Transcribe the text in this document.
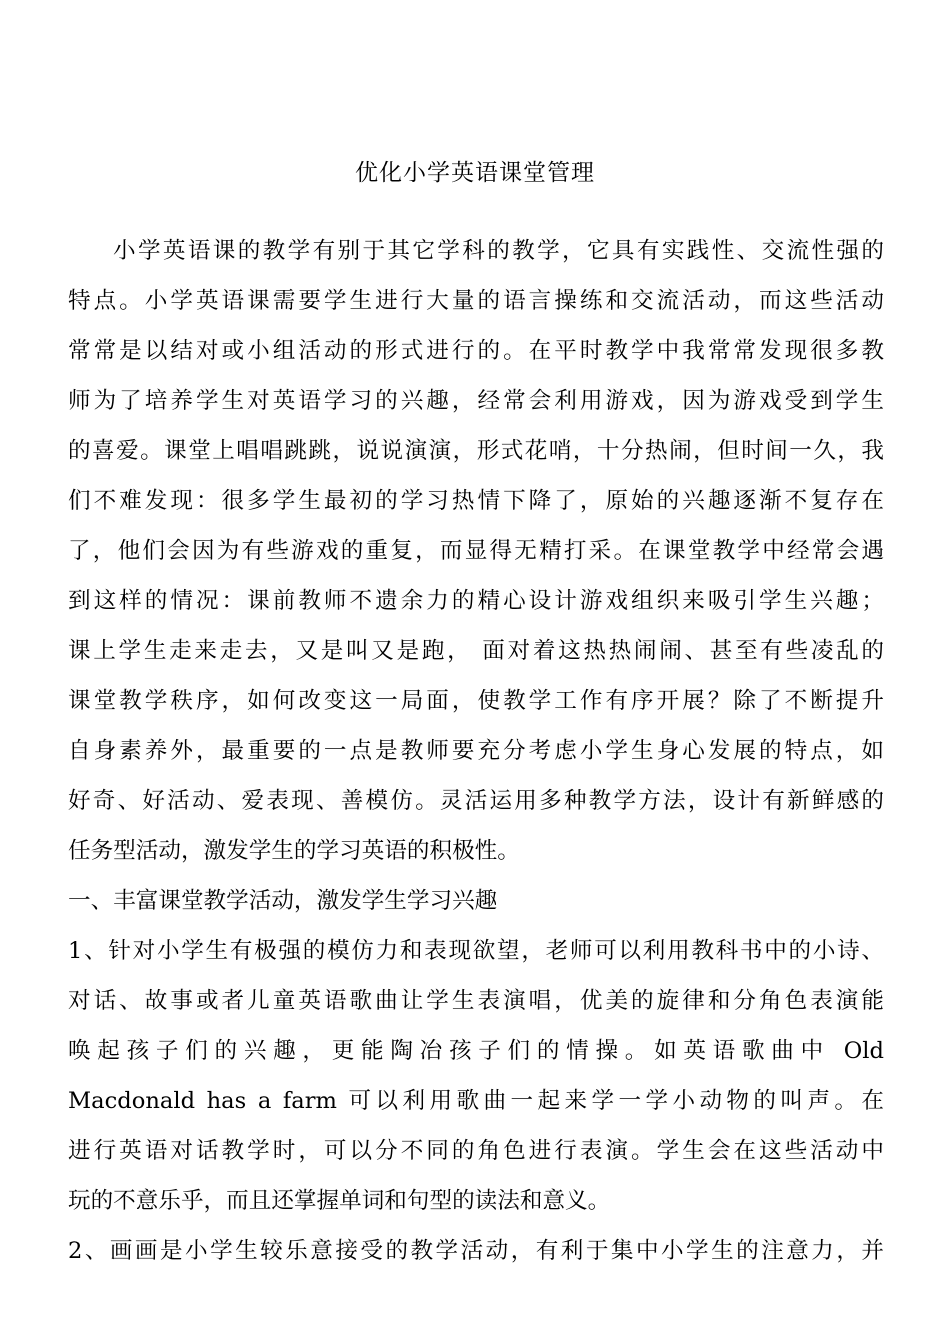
优化小学英语课堂管理
小学英语课的教学有别于其它学科的教学，它具有实践性、交流性强的
特点。小学英语课需要学生进行大量的语言操练和交流活动，而这些活动
常常是以结对或小组活动的形式进行的。在平时教学中我常常发现很多教
师为了培养学生对英语学习的兴趣，经常会利用游戏，因为游戏受到学生
的喜爱。课堂上唱唱跳跳，说说演演，形式花哨，十分热闹，但时间一久，我
们不难发现：很多学生最初的学习热情下降了，原始的兴趣逐渐不复存在
了，他们会因为有些游戏的重复，而显得无精打采。在课堂教学中经常会遇
到这样的情况：课前教师不遗余力的精心设计游戏组织来吸引学生兴趣；
课上学生走来走去，又是叫又是跑， 面对着这热热闹闹、甚至有些凌乱的
课堂教学秩序，如何改变这一局面，使教学工作有序开展？除了不断提升
自身素养外，最重要的一点是教师要充分考虑小学生身心发展的特点，如
好奇、好活动、爱表现、善模仿。灵活运用多种教学方法，设计有新鲜感的
任务型活动，激发学生的学习英语的积极性。
一、丰富课堂教学活动，激发学生学习兴趣
1、针对小学生有极强的模仿力和表现欲望，老师可以利用教科书中的小诗、
对话、故事或者儿童英语歌曲让学生表演唱，优美的旋律和分角色表演能
唤起孩子们的兴趣，更能陶冶孩子们的情操。如英语歌曲中 Old
Macdonald has a farm 可以利用歌曲一起来学一学小动物的叫声。在
进行英语对话教学时，可以分不同的角色进行表演。学生会在这些活动中
玩的不意乐乎，而且还掌握单词和句型的读法和意义。
2、画画是小学生较乐意接受的教学活动，有利于集中小学生的注意力，并
